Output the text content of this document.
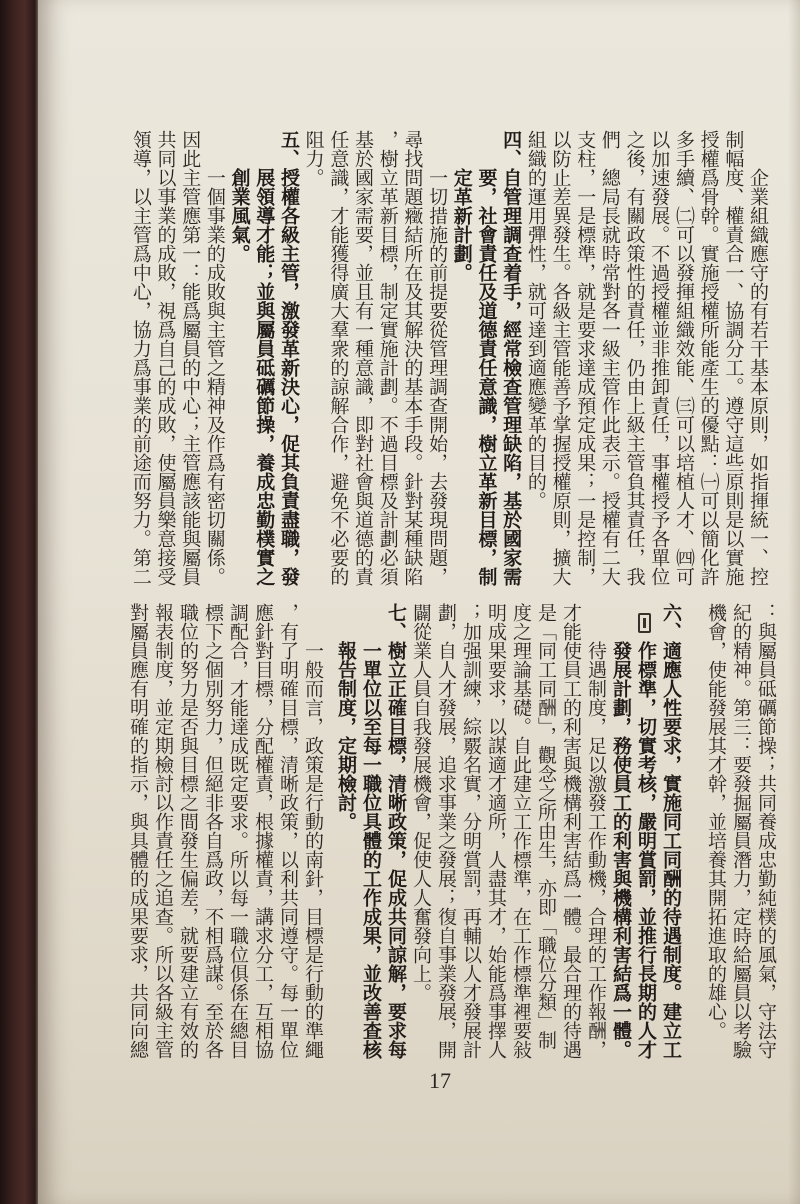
企業組織應守的有若干基本原則，如指揮統一、控
制幅度、權責合一、協調分工。遵守這些原則是以實施
授權爲骨幹。實施授權所能產生的優點：㈠可以簡化許
多手續、㈡可以發揮組織效能、㈢可以培植人才、㈣可
以加速發展。不過授權並非推卸責任，事權授予各單位
之後，有關政策性的責任，仍由上級主管負其責任，我
們　總局長就時常對各一級主管作此表示。授權有二大
支柱，一是標準，就是要求達成預定成果；一是控制，
以防止差異發生。各級主管能善予掌握授權原則，擴大
組織的運用彈性，就可達到適應變革的目的。
四、自管理調查着手，經常檢查管理缺陷，基於國家需
要，社會責任及道德責任意識，樹立革新目標，制
定革新計劃。
一切措施的前提要從管理調查開始，去發現問題，
尋找問題癥結所在及其解決的基本手段。針對某種缺陷
，樹立革新目標，制定實施計劃。不過目標及計劃必須
基於國家需要，並且有一種意識，即對社會與道德的責
任意識，才能獲得廣大羣衆的諒解合作，避免不必要的
阻力。
五、授權各級主管，激發革新決心，促其負責盡職，發
展領導才能；並與屬員砥礪節操，養成忠勤樸實之
創業風氣。
一個事業的成敗與主管之精神及作爲有密切關係。
因此主管應第一：能爲屬員的中心；主管應該能與屬員
共同以事業的成敗，視爲自己的成敗，使屬員樂意接受
領導，以主管爲中心，協力爲事業的前途而努力。第二
：與屬員砥礪節操；共同養成忠勤純樸的風氣，守法守
紀的精神。第三：要發掘屬員潛力，定時給屬員以考驗
機會，使能發展其才幹，並培養其開拓進取的雄心。
六、適應人性要求，實施同工同酬的待遇制度。建立工
作標準，切實考核，嚴明賞罰，並推行長期的人才
發展計劃，務使員工的利害與機構利害結爲一體。
待遇制度，足以激發工作動機，合理的工作報酬，
才能使員工的利害與機構利害結爲一體。最合理的待遇
是「同工同酬」，觀念之所由生，亦即「職位分類」制
度之理論基礎。自此建立工作標準，在工作標準裡要敍
明成果要求，以謀適才適所，人盡其才，始能爲事擇人
；加强訓練，綜覈名實，分明賞罰，再輔以人才發展計
劃，自人才發展，追求事業之發展；復自事業發展，開
闢從業人員自我發展機會，促使人人奮發向上。
七、樹立正確目標，清晰政策，促成共同諒解，要求每
一單位以至每一職位具體的工作成果，並改善查核
報告制度，定期檢討。
一般而言，政策是行動的南針，目標是行動的準繩
，有了明確目標，清晰政策，以利共同遵守。每一單位
應針對目標，分配權責，根據權責，講求分工，互相協
調配合，才能達成既定要求。所以每一職位俱係在總目
標下之個別努力，但絕非各自爲政，不相爲謀。至於各
職位的努力是否與目標之間發生偏差，就要建立有效的
報表制度，並定期檢討以作責任之追查。所以各級主管
對屬員應有明確的指示，與具體的成果要求，共同向總
17
